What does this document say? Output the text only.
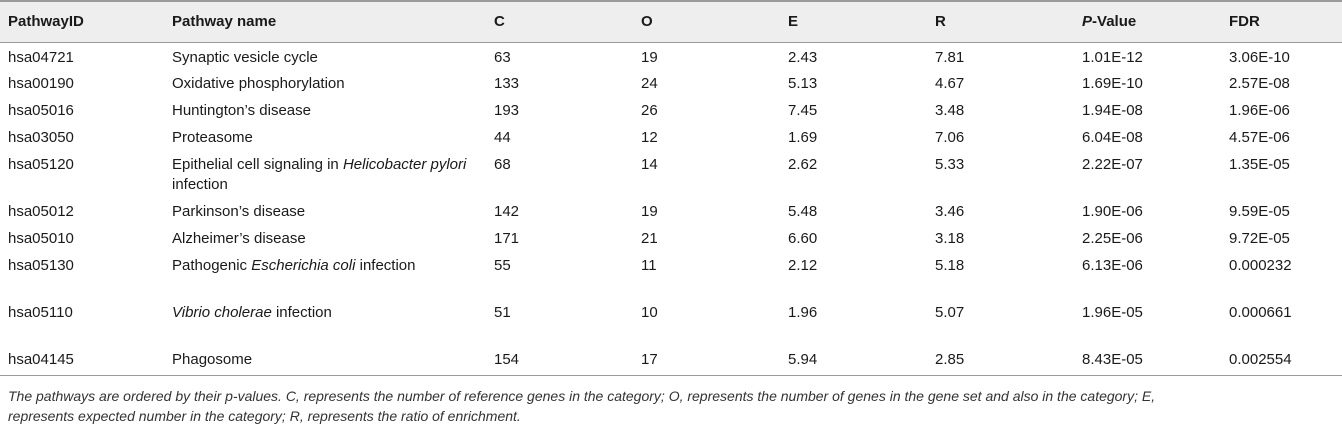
PathwayID	Pathway name	C	O	E	R	P-Value	FDR
hsa04721	Synaptic vesicle cycle	63	19	2.43	7.81	1.01E-12	3.06E-10
hsa00190	Oxidative phosphorylation	133	24	5.13	4.67	1.69E-10	2.57E-08
hsa05016	Huntington’s disease	193	26	7.45	3.48	1.94E-08	1.96E-06
hsa03050	Proteasome	44	12	1.69	7.06	6.04E-08	4.57E-06
hsa05120	Epithelial cell signaling in Helicobacter pylori infection	68	14	2.62	5.33	2.22E-07	1.35E-05
hsa05012	Parkinson’s disease	142	19	5.48	3.46	1.90E-06	9.59E-05
hsa05010	Alzheimer’s disease	171	21	6.60	3.18	2.25E-06	9.72E-05
hsa05130	Pathogenic Escherichia coli infection	55	11	2.12	5.18	6.13E-06	0.000232
hsa05110	Vibrio cholerae infection	51	10	1.96	5.07	1.96E-05	0.000661
hsa04145	Phagosome	154	17	5.94	2.85	8.43E-05	0.002554
The pathways are ordered by their p-values. C, represents the number of reference genes in the category; O, represents the number of genes in the gene set and also in the category; E, represents expected number in the category; R, represents the ratio of enrichment.
